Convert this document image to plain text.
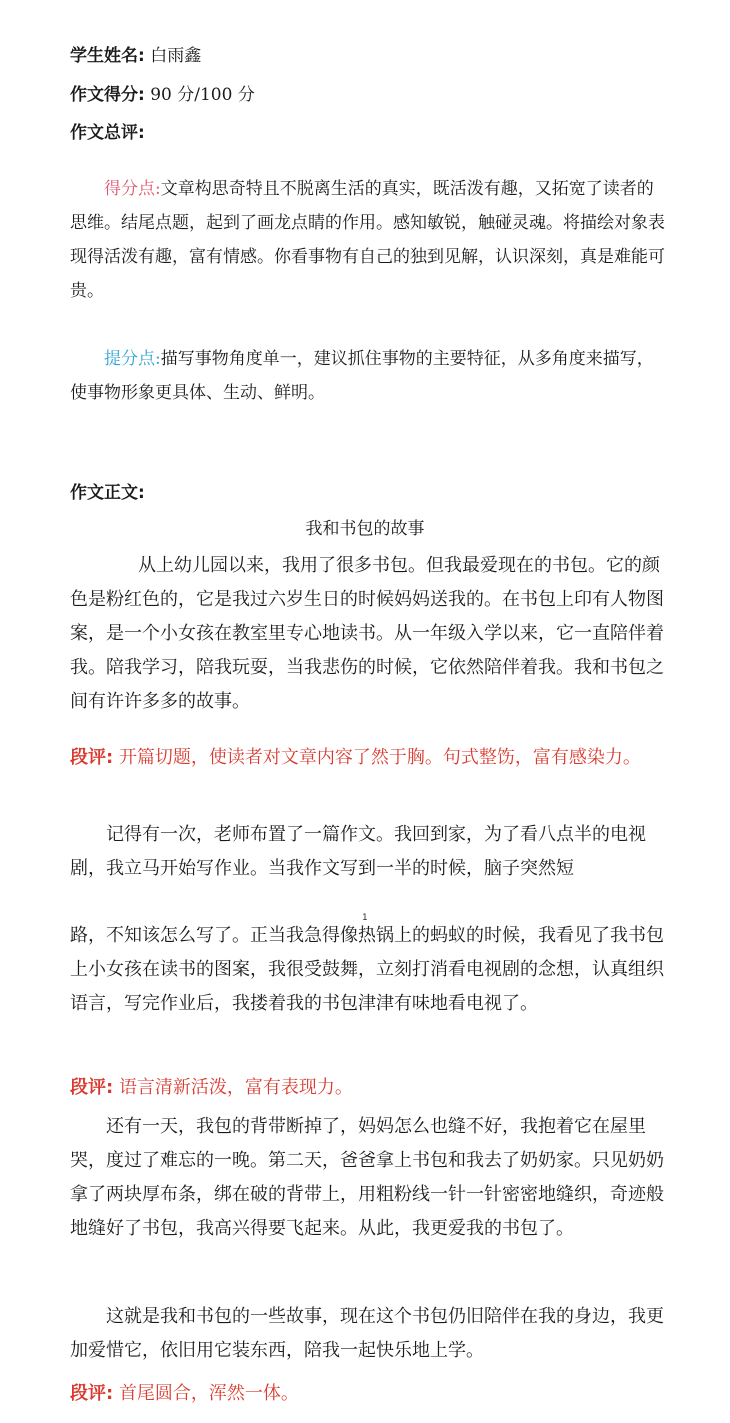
学生姓名: 白雨鑫
作文得分: 90 分/100 分
作文总评:
得分点:文章构思奇特且不脱离生活的真实，既活泼有趣，又拓宽了读者的思维。结尾点题，起到了画龙点睛的作用。感知敏锐，触碰灵魂。将描绘对象表现得活泼有趣，富有情感。你看事物有自己的独到见解，认识深刻，真是难能可贵。
提分点:描写事物角度单一，建议抓住事物的主要特征，从多角度来描写，使事物形象更具体、生动、鲜明。
作文正文:
我和书包的故事
从上幼儿园以来，我用了很多书包。但我最爱现在的书包。它的颜色是粉红色的，它是我过六岁生日的时候妈妈送我的。在书包上印有人物图案，是一个小女孩在教室里专心地读书。从一年级入学以来，它一直陪伴着我。陪我学习，陪我玩耍，当我悲伤的时候，它依然陪伴着我。我和书包之间有许许多多的故事。
段评: 开篇切题，使读者对文章内容了然于胸。句式整饬，富有感染力。
记得有一次，老师布置了一篇作文。我回到家，为了看八点半的电视剧，我立马开始写作业。当我作文写到一半的时候，脑子突然短
1
路，不知该怎么写了。正当我急得像热锅上的蚂蚁的时候，我看见了我书包上小女孩在读书的图案，我很受鼓舞，立刻打消看电视剧的念想，认真组织语言，写完作业后，我搂着我的书包津津有味地看电视了。
段评: 语言清新活泼，富有表现力。
还有一天，我包的背带断掉了，妈妈怎么也缝不好，我抱着它在屋里哭，度过了难忘的一晚。第二天，爸爸拿上书包和我去了奶奶家。只见奶奶拿了两块厚布条，绑在破的背带上，用粗粉线一针一针密密地缝织，奇迹般地缝好了书包，我高兴得要飞起来。从此，我更爱我的书包了。
这就是我和书包的一些故事，现在这个书包仍旧陪伴在我的身边，我更加爱惜它，依旧用它装东西，陪我一起快乐地上学。
段评: 首尾圆合，浑然一体。
